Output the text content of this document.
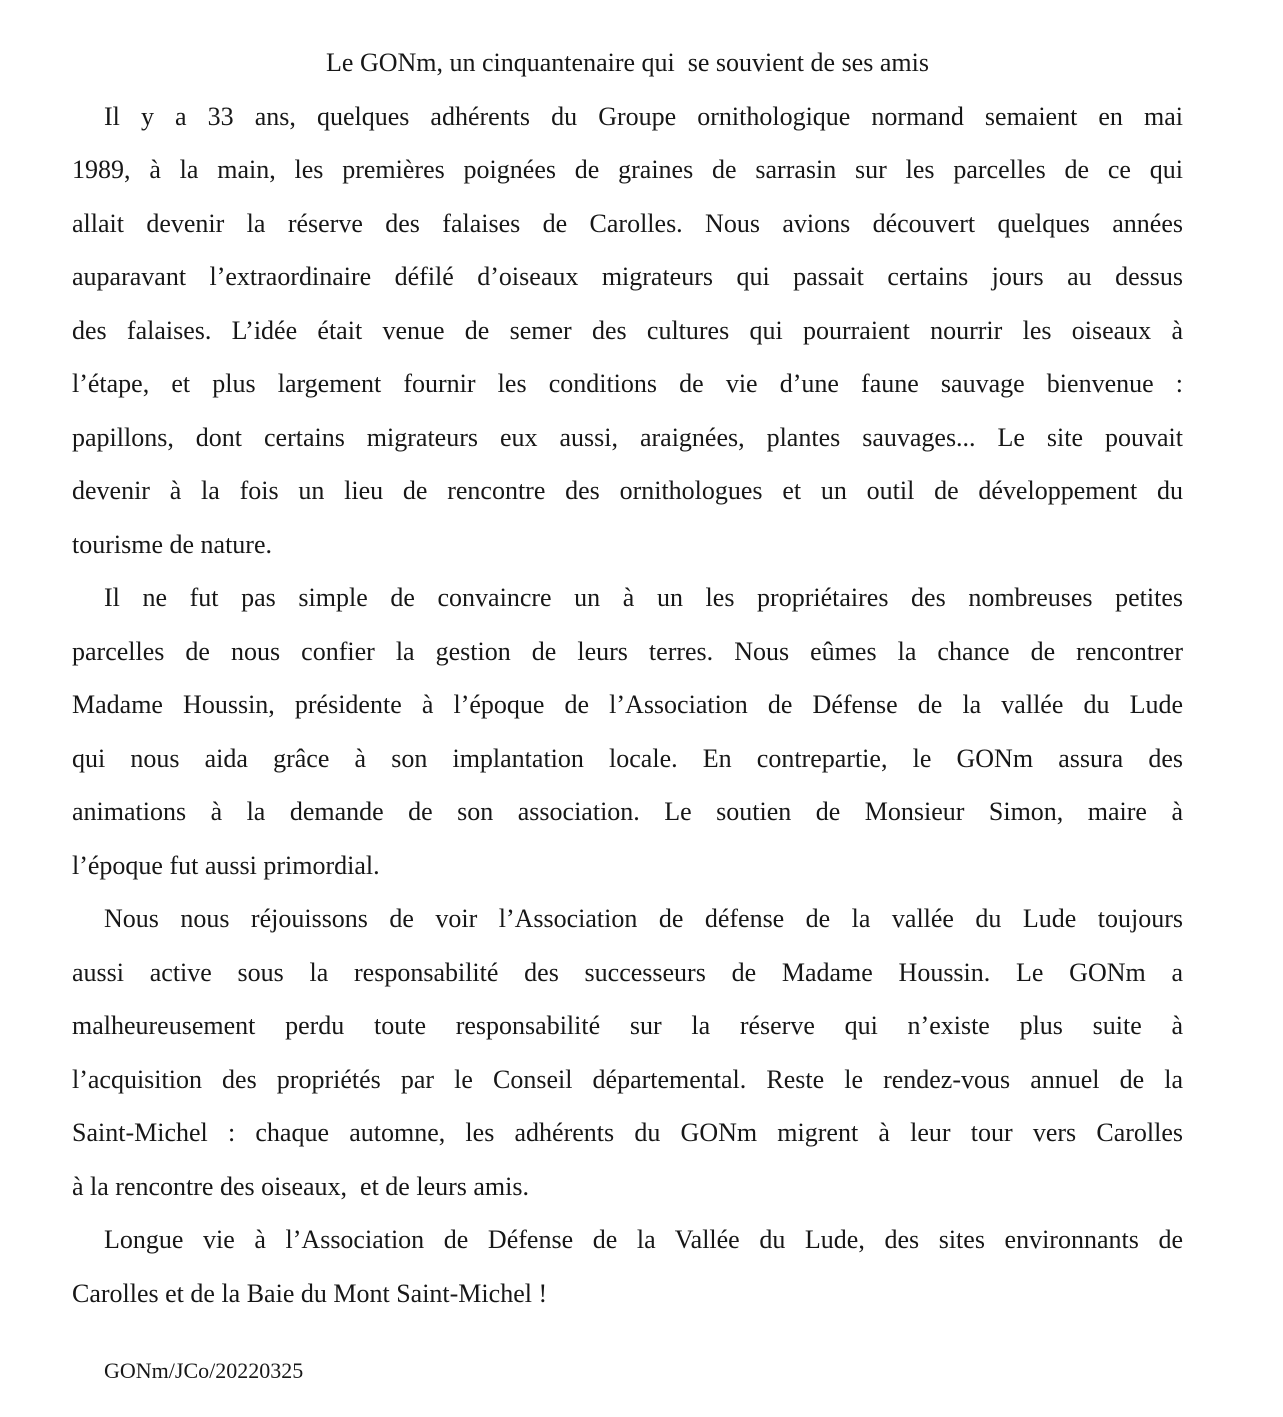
Le GONm, un cinquantenaire qui  se souvient de ses amis
Il y a 33 ans, quelques adhérents du Groupe ornithologique normand semaient en mai
1989, à la main, les premières poignées de graines de sarrasin sur les parcelles de ce qui
allait devenir la réserve des falaises de Carolles. Nous avions découvert quelques années
auparavant l’extraordinaire défilé d’oiseaux migrateurs qui passait certains jours au dessus
des falaises. L’idée était venue de semer des cultures qui pourraient nourrir les oiseaux à
l’étape, et plus largement fournir les conditions de vie d’une faune sauvage bienvenue :
papillons, dont certains migrateurs eux aussi, araignées, plantes sauvages... Le site pouvait
devenir à la fois un lieu de rencontre des ornithologues et un outil de développement du
tourisme de nature.
Il ne fut pas simple de convaincre un à un les propriétaires des nombreuses petites
parcelles de nous confier la gestion de leurs terres. Nous eûmes la chance de rencontrer
Madame Houssin, présidente à l’époque de l’Association de Défense de la vallée du Lude
qui nous aida grâce à son implantation locale. En contrepartie, le GONm assura des
animations à la demande de son association. Le soutien de Monsieur Simon, maire à
l’époque fut aussi primordial.
Nous nous réjouissons de voir l’Association de défense de la vallée du Lude toujours
aussi active sous la responsabilité des successeurs de Madame Houssin. Le GONm a
malheureusement perdu toute responsabilité sur la réserve qui n’existe plus suite à
l’acquisition des propriétés par le Conseil départemental. Reste le rendez-vous annuel de la
Saint-Michel : chaque automne, les adhérents du GONm migrent à leur tour vers Carolles
à la rencontre des oiseaux,  et de leurs amis.
Longue vie à l’Association de Défense de la Vallée du Lude, des sites environnants de
Carolles et de la Baie du Mont Saint-Michel !
GONm/JCo/20220325
